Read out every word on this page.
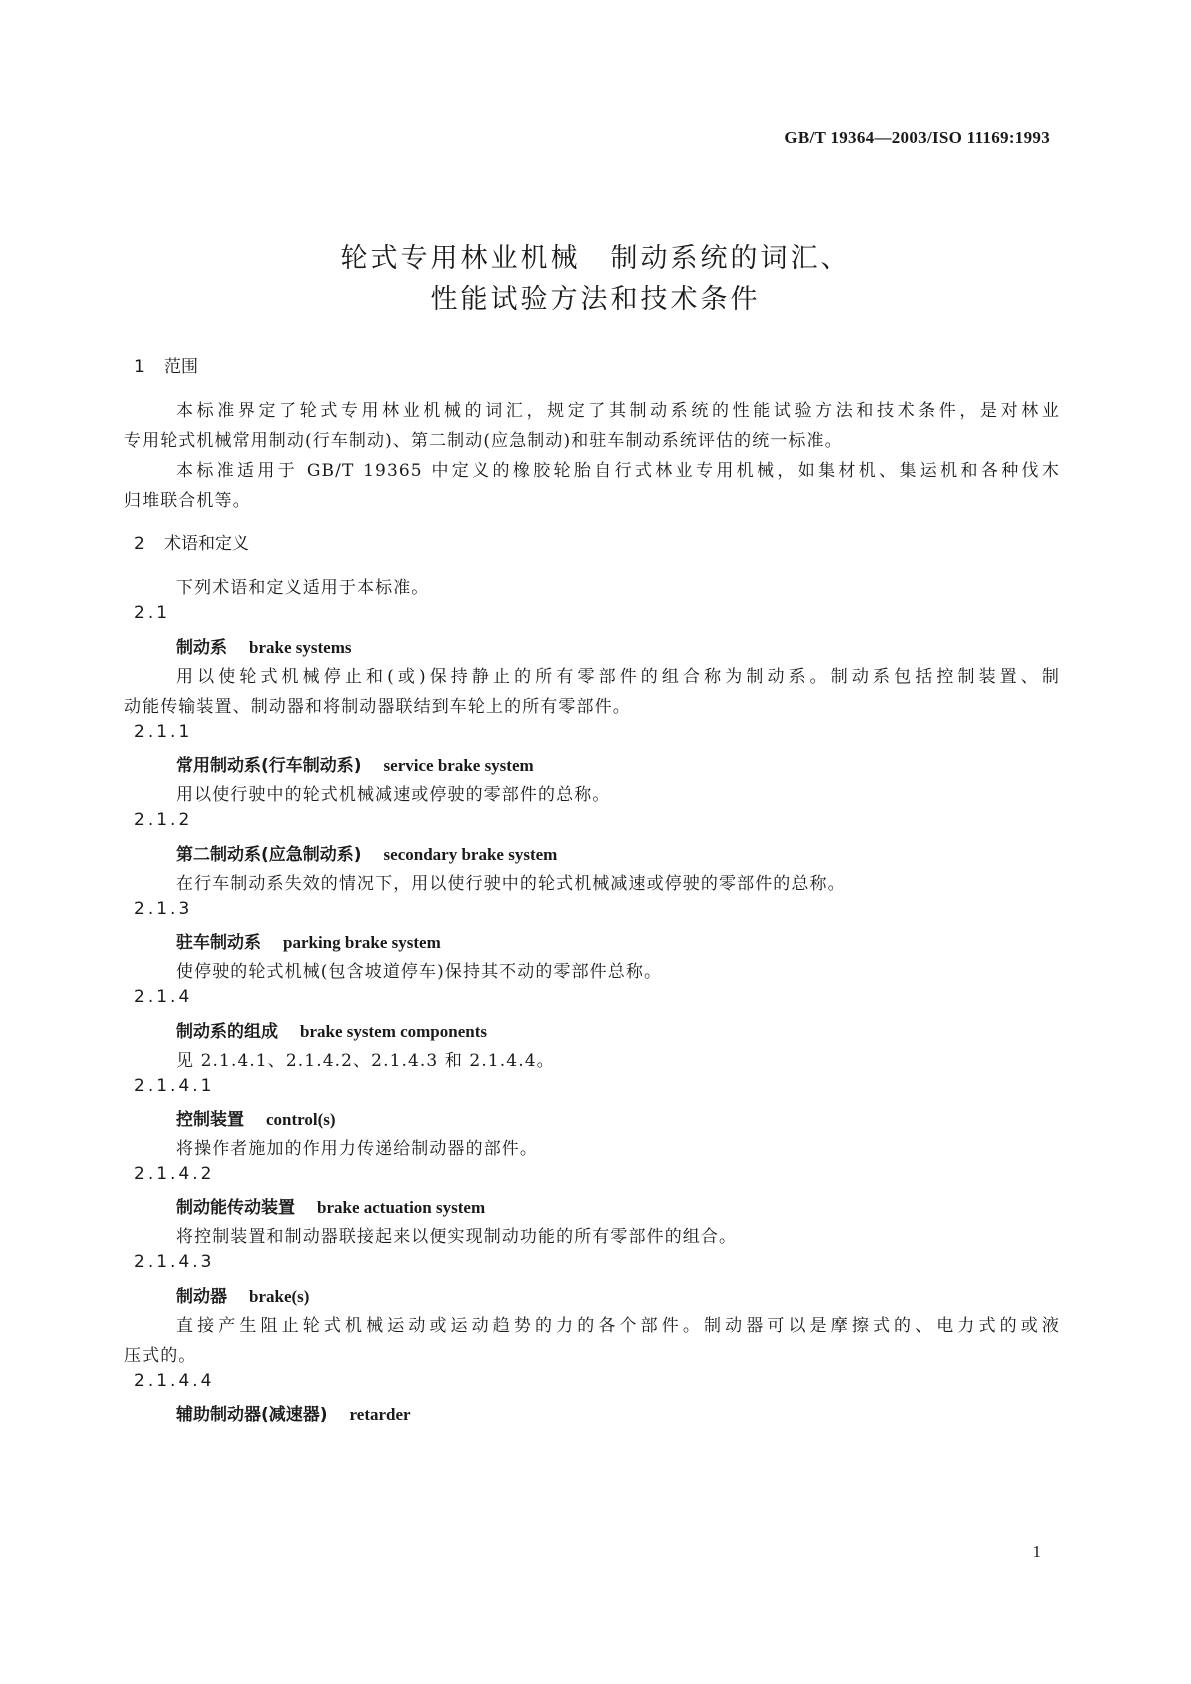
GB/T 19364—2003/ISO 11169:1993
轮式专用林业机械　制动系统的词汇、
性能试验方法和技术条件
1 范围
本标准界定了轮式专用林业机械的词汇，规定了其制动系统的性能试验方法和技术条件，是对林业
专用轮式机械常用制动(行车制动)、第二制动(应急制动)和驻车制动系统评估的统一标准。
本标准适用于 GB/T 19365 中定义的橡胶轮胎自行式林业专用机械，如集材机、集运机和各种伐木
归堆联合机等。
2 术语和定义
下列术语和定义适用于本标准。
2.1
制动系 brake systems
用以使轮式机械停止和(或)保持静止的所有零部件的组合称为制动系。制动系包括控制装置、制
动能传输装置、制动器和将制动器联结到车轮上的所有零部件。
2.1.1
常用制动系(行车制动系) service brake system
用以使行驶中的轮式机械减速或停驶的零部件的总称。
2.1.2
第二制动系(应急制动系) secondary brake system
在行车制动系失效的情况下，用以使行驶中的轮式机械减速或停驶的零部件的总称。
2.1.3
驻车制动系 parking brake system
使停驶的轮式机械(包含坡道停车)保持其不动的零部件总称。
2.1.4
制动系的组成 brake system components
见 2.1.4.1、2.1.4.2、2.1.4.3 和 2.1.4.4。
2.1.4.1
控制装置 control(s)
将操作者施加的作用力传递给制动器的部件。
2.1.4.2
制动能传动装置 brake actuation system
将控制装置和制动器联接起来以便实现制动功能的所有零部件的组合。
2.1.4.3
制动器 brake(s)
直接产生阻止轮式机械运动或运动趋势的力的各个部件。制动器可以是摩擦式的、电力式的或液
压式的。
2.1.4.4
辅助制动器(减速器) retarder
1
